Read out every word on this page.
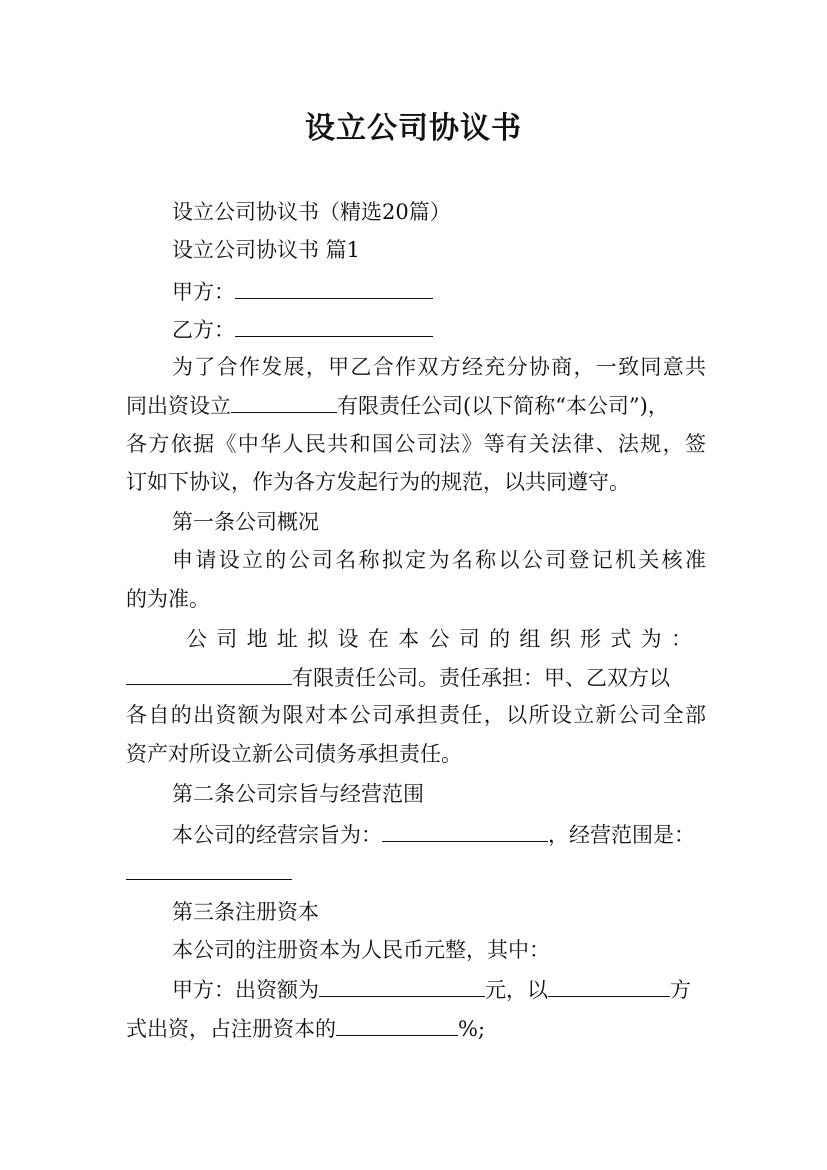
设立公司协议书
设立公司协议书（精选20篇）
设立公司协议书 篇1
甲方：
乙方：
为了合作发展，甲乙合作双方经充分协商，一致同意共
同出资设立	有限责任公司(以下简称“本公司”)，
各方依据《中华人民共和国公司法》等有关法律、法规，签
订如下协议，作为各方发起行为的规范，以共同遵守。
第一条公司概况
申请设立的公司名称拟定为名称以公司登记机关核准
的为准。
公司地址拟设在本公司的组织形式为：
有限责任公司。责任承担：甲、乙双方以
各自的出资额为限对本公司承担责任，以所设立新公司全部
资产对所设立新公司债务承担责任。
第二条公司宗旨与经营范围
本公司的经营宗旨为：	，经营范围是：
第三条注册资本
本公司的注册资本为人民币元整，其中：
甲方：出资额为	元，以	方
式出资，占注册资本的	%;
